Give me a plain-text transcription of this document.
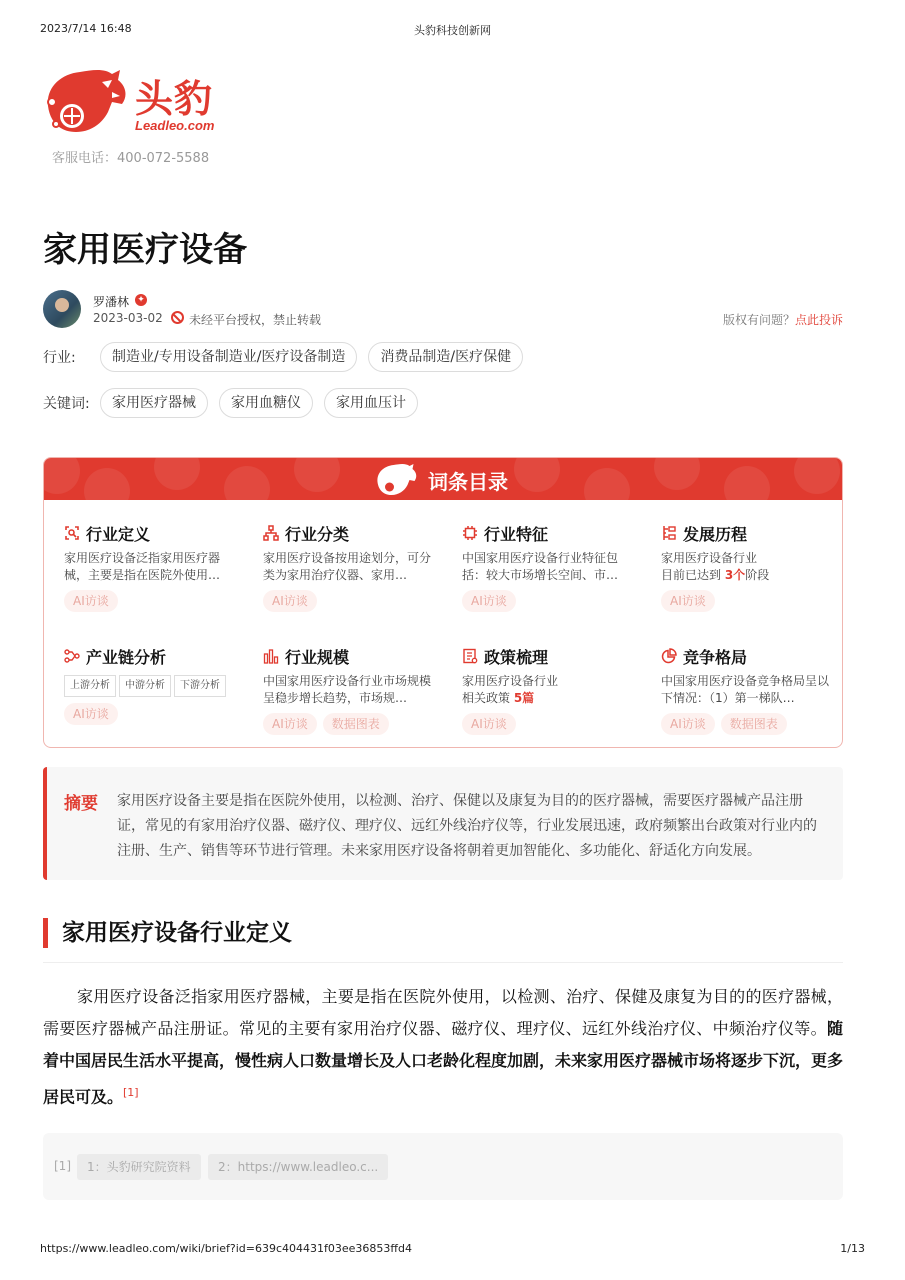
2023/7/14 16:48	头豹科技创新网
头豹
Leadleo.com
客服电话：400-072-5588
家用医疗设备
罗潘林 ✦
2023-03-02 未经平台授权，禁止转载	版权有问题？点此投诉
行业:	制造业/专用设备制造业/医疗设备制造	消费品制造/医疗保健
关键词:	家用医疗器械	家用血糖仪	家用血压计
词条目录
行业定义
家用医疗设备泛指家用医疗器械，主要是指在医院外使用…
AI访谈
行业分类
家用医疗设备按用途划分，可分类为家用治疗仪器、家用…
AI访谈
行业特征
中国家用医疗设备行业特征包括：较大市场增长空间、市…
AI访谈
发展历程
家用医疗设备行业
目前已达到 3个阶段
AI访谈
产业链分析
上游分析	中游分析	下游分析
AI访谈
行业规模
中国家用医疗设备行业市场规模呈稳步增长趋势，市场规…
AI访谈 数据图表
政策梳理
家用医疗设备行业
相关政策 5篇
AI访谈
竞争格局
中国家用医疗设备竞争格局呈以下情况：（1）第一梯队…
AI访谈 数据图表
摘要 家用医疗设备主要是指在医院外使用，以检测、治疗、保健以及康复为目的的医疗器械，需要医疗器械产品注册证，常见的有家用治疗仪器、磁疗仪、理疗仪、远红外线治疗仪等，行业发展迅速，政府频繁出台政策对行业内的注册、生产、销售等环节进行管理。未来家用医疗设备将朝着更加智能化、多功能化、舒适化方向发展。

家用医疗设备行业定义

家用医疗设备泛指家用医疗器械，主要是指在医院外使用，以检测、治疗、保健及康复为目的的医疗器械，需要医疗器械产品注册证。常见的主要有家用治疗仪器、磁疗仪、理疗仪、远红外线治疗仪、中频治疗仪等。随着中国居民生活水平提高，慢性病人口数量增长及人口老龄化程度加剧，未来家用医疗器械市场将逐步下沉，更多居民可及。[1]

[1]	1：头豹研究院资料	2：https://www.leadleo.c...
https://www.leadleo.com/wiki/brief?id=639c404431f03ee36853ffd4	1/13
